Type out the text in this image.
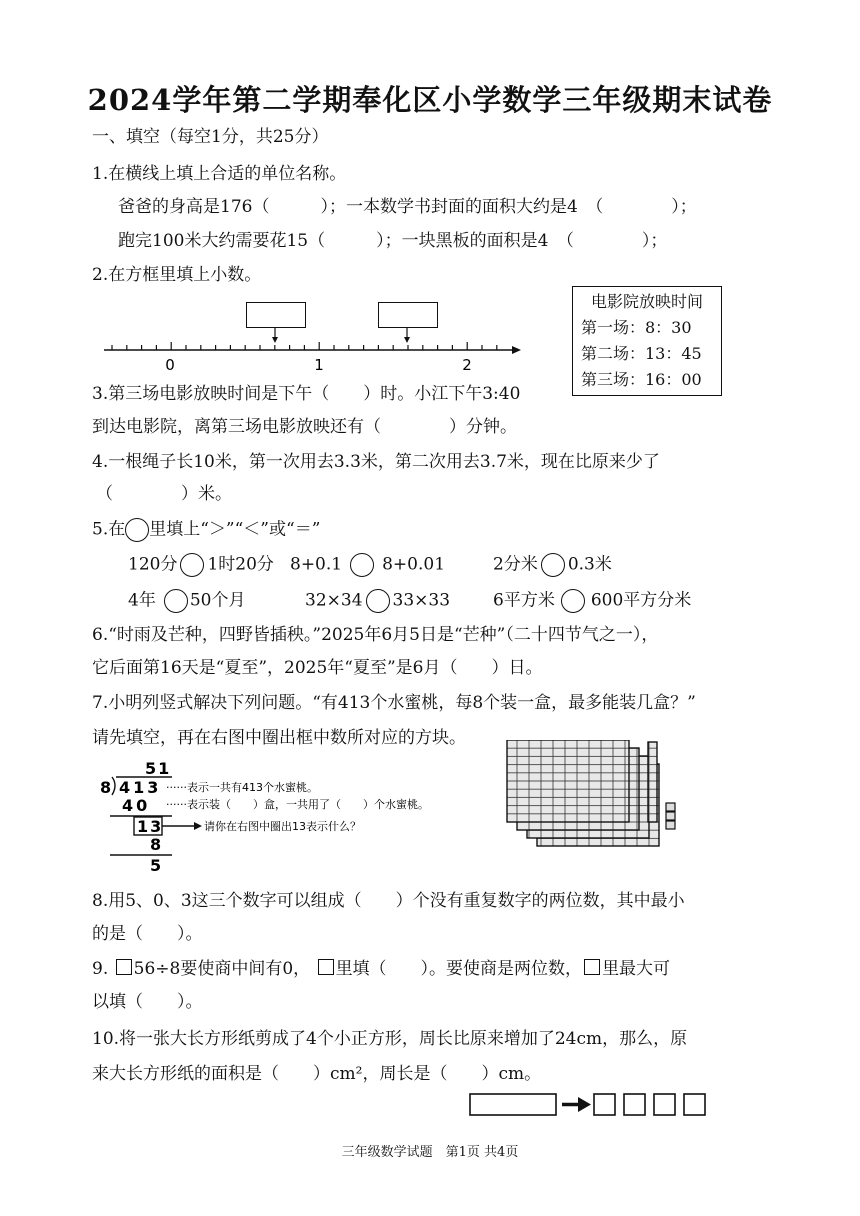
2024学年第二学期奉化区小学数学三年级期末试卷
一、填空（每空1分，共25分）
1.在横线上填上合适的单位名称。
爸爸的身高是176（　　　）；一本数学书封面的面积大约是4　（　　　　）；
跑完100米大约需要花15（　　　）；一块黑板的面积是4　（　　　　）；
2.在方框里填上小数。
0	1	2
电影院放映时间
第一场：8：30
第二场：13：45
第三场：16：00
3.第三场电影放映时间是下午（　　）时。小江下午3:40
到达电影院，离第三场电影放映还有（　　　　）分钟。
4.一根绳子长10米，第一次用去3.3米，第二次用去3.7米，现在比原来少了
（　　　　）米。
5.在 里填上“＞”“＜”或“＝”
120分 1时20分 8+0.1 8+0.01	2分米 0.3米
4年 50个月	32×34 33×33	6平方米 600平方分米
6.“时雨及芒种，四野皆插秧。”2025年6月5日是“芒种”（二十四节气之一），
它后面第16天是“夏至”，2025年“夏至”是6月（　　）日。
7.小明列竖式解决下列问题。“有413个水蜜桃，每8个装一盒，最多能装几盒？”
请先填空，再在右图中圈出框中数所对应的方块。
51
8 413 ······表示一共有413个水蜜桃。
40 ······表示装（　　）盒，一共用了（　　）个水蜜桃。
13	请你在右图中圈出13表示什么？
8
5
8.用5、0、3这三个数字可以组成（　　）个没有重复数字的两位数，其中最小
的是（　　）。
9. 56÷8要使商中间有0， 里填（　　）。要使商是两位数， 里最大可
以填（　　）。
10.将一张大长方形纸剪成了4个小正方形，周长比原来增加了24cm，那么，原
来大长方形纸的面积是（　　）cm²，周长是（　　）cm。
三年级数学试题　第1页 共4页
